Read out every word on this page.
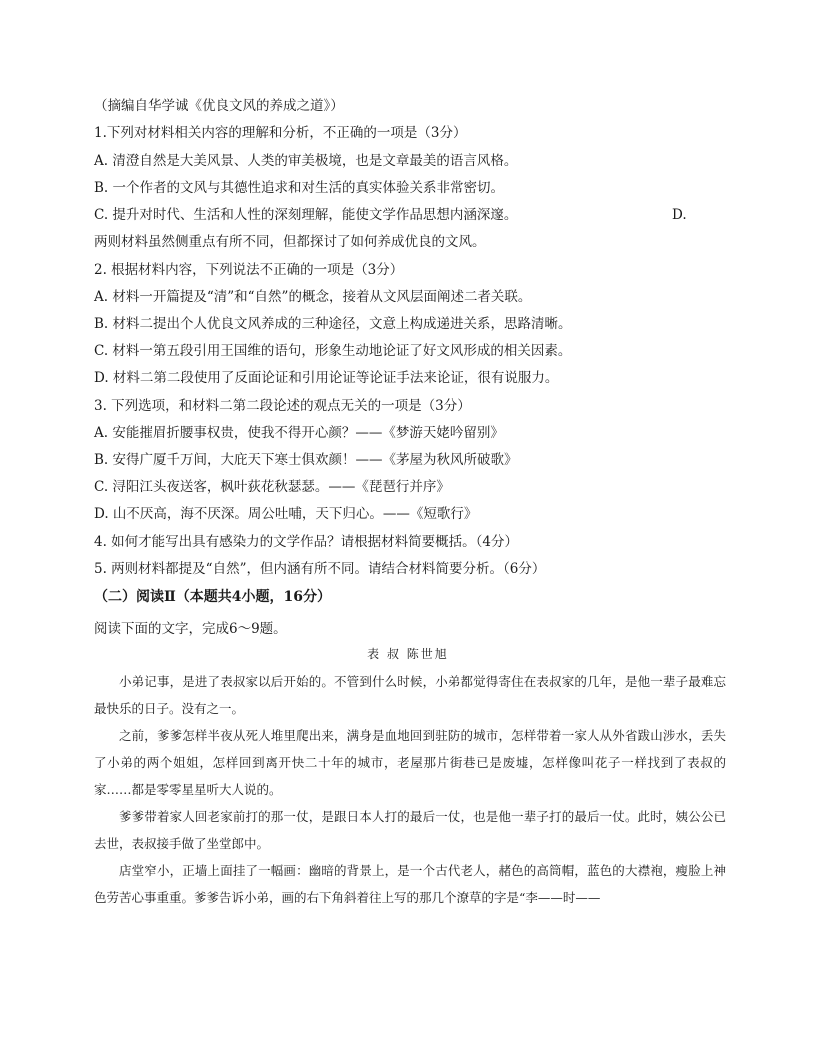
（摘编自华学诚《优良文风的养成之道》）
1.下列对材料相关内容的理解和分析，不正确的一项是（3分）
A. 清澄自然是大美风景、人类的审美极境，也是文章最美的语言风格。
B. 一个作者的文风与其德性追求和对生活的真实体验关系非常密切。
C. 提升对时代、生活和人性的深刻理解，能使文学作品思想内涵深邃。	D.
两则材料虽然侧重点有所不同，但都探讨了如何养成优良的文风。
2. 根据材料内容，下列说法不正确的一项是（3分）
A. 材料一开篇提及“清”和“自然”的概念，接着从文风层面阐述二者关联。
B. 材料二提出个人优良文风养成的三种途径，文意上构成递进关系，思路清晰。
C. 材料一第五段引用王国维的语句，形象生动地论证了好文风形成的相关因素。
D. 材料二第二段使用了反面论证和引用论证等论证手法来论证，很有说服力。
3. 下列选项，和材料二第二段论述的观点无关的一项是（3分）
A. 安能摧眉折腰事权贵，使我不得开心颜？——《梦游天姥吟留别》
B. 安得广厦千万间，大庇天下寒士俱欢颜！——《茅屋为秋风所破歌》
C. 浔阳江头夜送客，枫叶荻花秋瑟瑟。——《琵琶行并序》
D. 山不厌高，海不厌深。周公吐哺，天下归心。——《短歌行》
4. 如何才能写出具有感染力的文学作品？请根据材料简要概括。（4分）
5. 两则材料都提及“自然”，但内涵有所不同。请结合材料简要分析。（6分）
（二）阅读Ⅱ（本题共4小题，16分）
阅读下面的文字，完成6～9题。
表 叔 陈世旭

小弟记事，是进了表叔家以后开始的。不管到什么时候，小弟都觉得寄住在表叔家的几年，是他一辈子最难忘最快乐的日子。没有之一。

之前，爹爹怎样半夜从死人堆里爬出来，满身是血地回到驻防的城市，怎样带着一家人从外省跋山涉水，丢失了小弟的两个姐姐，怎样回到离开快二十年的城市，老屋那片街巷已是废墟，怎样像叫花子一样找到了表叔的家……都是零零星星听大人说的。

爹爹带着家人回老家前打的那一仗，是跟日本人打的最后一仗，也是他一辈子打的最后一仗。此时，姨公公已去世，表叔接手做了坐堂郎中。

店堂窄小，正墙上面挂了一幅画：幽暗的背景上，是一个古代老人，赭色的高筒帽，蓝色的大襟袍，瘦脸上神色劳苦心事重重。爹爹告诉小弟，画的右下角斜着往上写的那几个潦草的字是“李——时——
